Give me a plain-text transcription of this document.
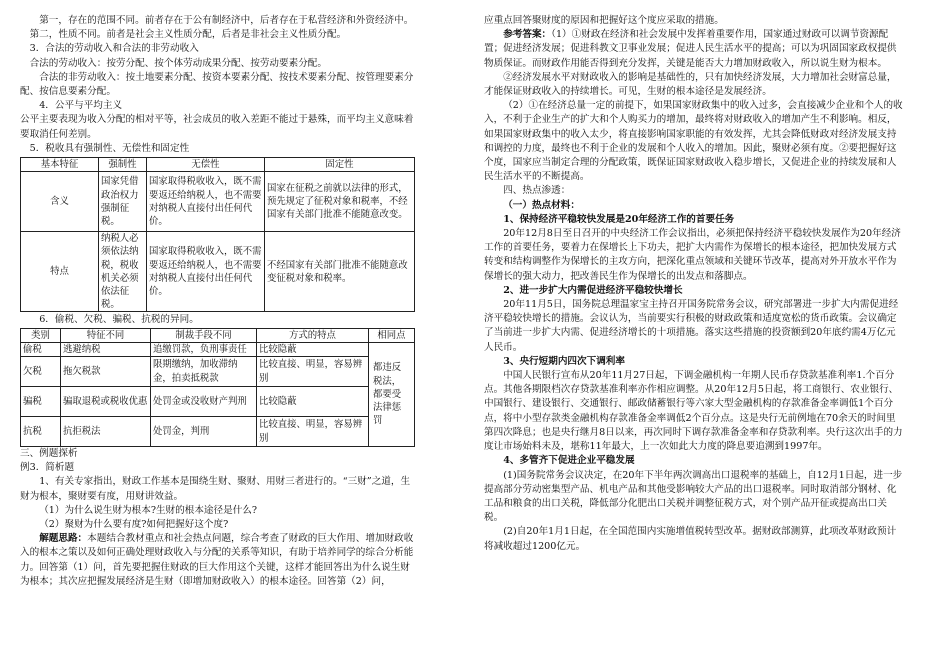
第一，存在的范围不同。前者存在于公有制经济中，后者存在于私营经济和外资经济中。

第二，性质不同。前者是社会主义性质分配，后者是非社会主义性质分配。

3．合法的劳动收入和合法的非劳动收入

合法的劳动收入：按劳分配、按个体劳动成果分配、按劳动要素分配。

合法的非劳动收入：按土地要素分配、按资本要素分配、按技术要素分配、按管理要素分配、按信息要素分配。

4．公平与平均主义

公平主要表现为收入分配的相对平等，社会成员的收入差距不能过于悬殊，而平均主义意味着要取消任何差别。

5．税收具有强制性、无偿性和固定性

基本特征	强制性	无偿性	固定性
含义	国家凭借政治权力强制征税。	国家取得税收收入，既不需要返还给纳税人，也不需要对纳税人直接付出任何代价。	国家在征税之前就以法律的形式，预先规定了征税对象和税率，不经国家有关部门批准不能随意改变。
特点	纳税人必须依法纳税，税收机关必须依法征税。	国家取得税收收入，既不需要返还给纳税人，也不需要对纳税人直接付出任何代价。	不经国家有关部门批准不能随意改变征税对象和税率。

6．偷税、欠税、骗税、抗税的异同。

类别	特征不同	制裁手段不同	方式的特点	相同点
偷税	逃避纳税	追缴罚款，负刑事责任	比较隐蔽	都违反税法，都要受法律惩罚
欠税	拖欠税款	限期缴纳，加收滞纳金，拍卖抵税款	比较直接、明显，容易辨别	
骗税	骗取退税或税收优惠	处罚金或没收财产判刑	比较隐蔽	
抗税	抗拒税法	处罚金，判刑	比较直接、明显，容易辨别	

三、例题探析

例3．简析题

1、有关专家指出，财政工作基本是围绕生财、聚财、用财三者进行的。“三财”之道，生财为根本，聚财要有度，用财讲效益。

（1）为什么说生财为根本?生财的根本途径是什么?

（2）聚财为什么要有度?如何把握好这个度?

解题思路：本题结合教材重点和社会热点问题，综合考查了财政的巨大作用、增加财政收入的根本之策以及如何正确处理财政收入与分配的关系等知识，有助于培养同学的综合分析能力。回答第（1）问，首先要把握住财政的巨大作用这个关键，这样才能回答出为什么说生财为根本；其次应把握发展经济是生财（即增加财政收入）的根本途径。回答第（2）问，

应重点回答聚财度的原因和把握好这个度应采取的措施。

参考答案：（1）①财政在经济和社会发展中发挥着重要作用，国家通过财政可以调节资源配置；促进经济发展；促进科教文卫事业发展；促进人民生活水平的提高；可以为巩固国家政权提供物质保证。而财政作用能否得到充分发挥，关键是能否大力增加财政收入，所以说生财为根本。

②经济发展水平对财政收入的影响是基础性的，只有加快经济发展，大力增加社会财富总量，才能保证财政收入的持续增长。可见，生财的根本途径是发展经济。

（2）①在经济总量一定的前提下，如果国家财政集中的收入过多，会直接减少企业和个人的收入，不利于企业生产的扩大和个人购买力的增加，最终将对财政收入的增加产生不利影响。相反，如果国家财政集中的收入太少，将直接影响国家职能的有效发挥，尤其会降低财政对经济发展支持和调控的力度，最终也不利于企业的发展和个人收入的增加。因此，聚财必须有度。②要把握好这个度，国家应当制定合理的分配政策，既保证国家财政收入稳步增长，又促进企业的持续发展和人民生活水平的不断提高。

四、热点渗透：

（一）热点材料：

1、保持经济平稳较快发展是20年经济工作的首要任务

20年12月8日至日召开的中央经济工作会议指出，必须把保持经济平稳较快发展作为20年经济工作的首要任务，要着力在保增长上下功夫，把扩大内需作为保增长的根本途径，把加快发展方式转变和结构调整作为保增长的主攻方向，把深化重点领域和关键环节改革，提高对外开放水平作为保增长的强大动力，把改善民生作为保增长的出发点和落脚点。

2、进一步扩大内需促进经济平稳较快增长

20年11月5日，国务院总理温家宝主持召开国务院常务会议，研究部署进一步扩大内需促进经济平稳较快增长的措施。会议认为，当前要实行积极的财政政策和适度宽松的货币政策。会议确定了当前进一步扩大内需、促进经济增长的十项措施。落实这些措施的投资额到20年底约需4万亿元人民币。

3、央行短期内四次下调利率

中国人民银行宣布从20年11月27日起，下调金融机构一年期人民币存贷款基准利率1.个百分点。其他各期限档次存贷款基准利率亦作相应调整。从20年12月5日起，将工商银行、农业银行、中国银行、建设银行、交通银行、邮政储蓄银行等六家大型金融机构的存款准备金率调低1个百分点，将中小型存款类金融机构存款准备金率调低2个百分点。这是央行无前例地在70余天的时间里第四次降息；也是央行继月8日以来，再次同时下调存款准备金率和存贷款利率。央行这次出手的力度让市场始料未及，堪称11年最大，上一次如此大力度的降息要追溯到1997年。

4、多管齐下促进企业平稳发展

(1)国务院常务会议决定，在20年下半年两次调高出口退税率的基础上，自12月1日起，进一步提高部分劳动密集型产品、机电产品和其他受影响较大产品的出口退税率。同时取消部分钢材、化工品和粮食的出口关税，降低部分化肥出口关税并调整征税方式，对个别产品开征或提高出口关税。

(2)自20年1月1日起，在全国范围内实施增值税转型改革。据财政部测算，此项改革财政预计将减收超过1200亿元。
